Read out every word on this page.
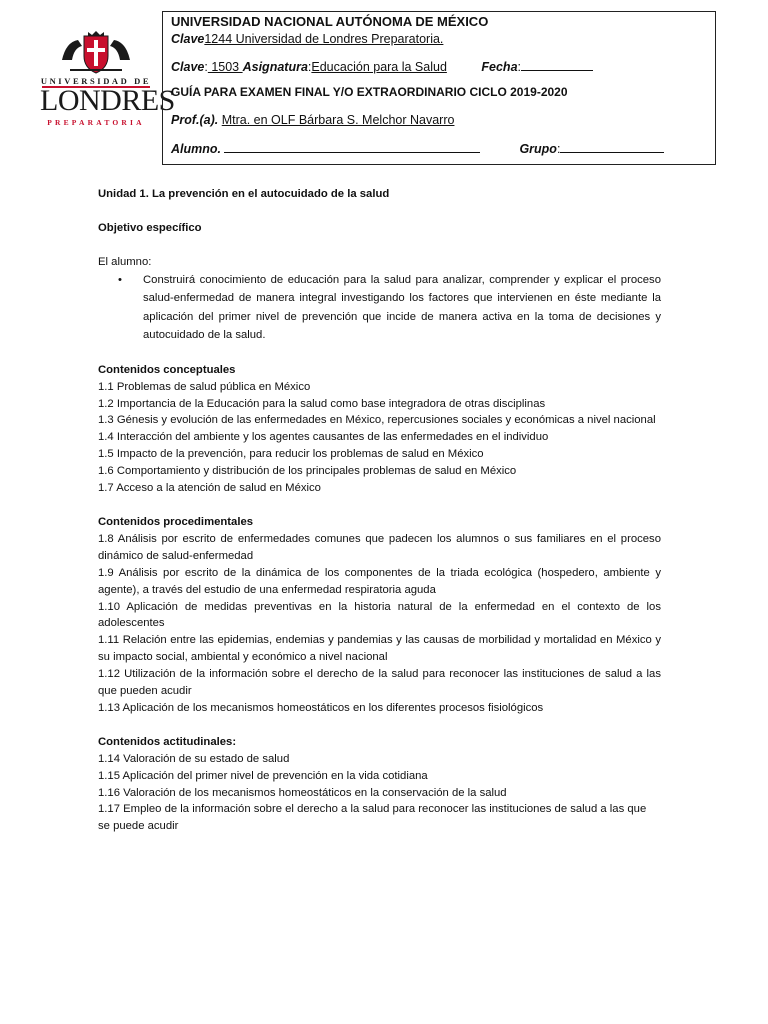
UNIVERSIDAD DE
LONDRES
PREPARATORIA
UNIVERSIDAD NACIONAL AUTÓNOMA DE MÉXICO
Clave1244 Universidad de Londres Preparatoria.
Clave: 1503 Asignatura:Educación para la Salud	Fecha:
GUÍA PARA EXAMEN FINAL Y/O EXTRAORDINARIO CICLO 2019-2020
Prof.(a). Mtra. en OLF Bárbara S. Melchor Navarro
Alumno.	Grupo:
Unidad 1. La prevención en el autocuidado de la salud
Objetivo específico
El alumno:
• Construirá conocimiento de educación para la salud para analizar, comprender y explicar el proceso salud-enfermedad de manera integral investigando los factores que intervienen en éste mediante la aplicación del primer nivel de prevención que incide de manera activa en la toma de decisiones y autocuidado de la salud.
Contenidos conceptuales
1.1 Problemas de salud pública en México
1.2 Importancia de la Educación para la salud como base integradora de otras disciplinas
1.3 Génesis y evolución de las enfermedades en México, repercusiones sociales y económicas a nivel nacional
1.4 Interacción del ambiente y los agentes causantes de las enfermedades en el individuo
1.5 Impacto de la prevención, para reducir los problemas de salud en México
1.6 Comportamiento y distribución de los principales problemas de salud en México
1.7 Acceso a la atención de salud en México
Contenidos procedimentales
1.8 Análisis por escrito de enfermedades comunes que padecen los alumnos o sus familiares en el proceso dinámico de salud-enfermedad
1.9 Análisis por escrito de la dinámica de los componentes de la triada ecológica (hospedero, ambiente y agente), a través del estudio de una enfermedad respiratoria aguda
1.10 Aplicación de medidas preventivas en la historia natural de la enfermedad en el contexto de los adolescentes
1.11 Relación entre las epidemias, endemias y pandemias y las causas de morbilidad y mortalidad en México y su impacto social, ambiental y económico a nivel nacional
1.12 Utilización de la información sobre el derecho de la salud para reconocer las instituciones de salud a las que pueden acudir
1.13 Aplicación de los mecanismos homeostáticos en los diferentes procesos fisiológicos
Contenidos actitudinales:
1.14 Valoración de su estado de salud
1.15 Aplicación del primer nivel de prevención en la vida cotidiana
1.16 Valoración de los mecanismos homeostáticos en la conservación de la salud
1.17 Empleo de la información sobre el derecho a la salud para reconocer las instituciones de salud a las que se puede acudir
